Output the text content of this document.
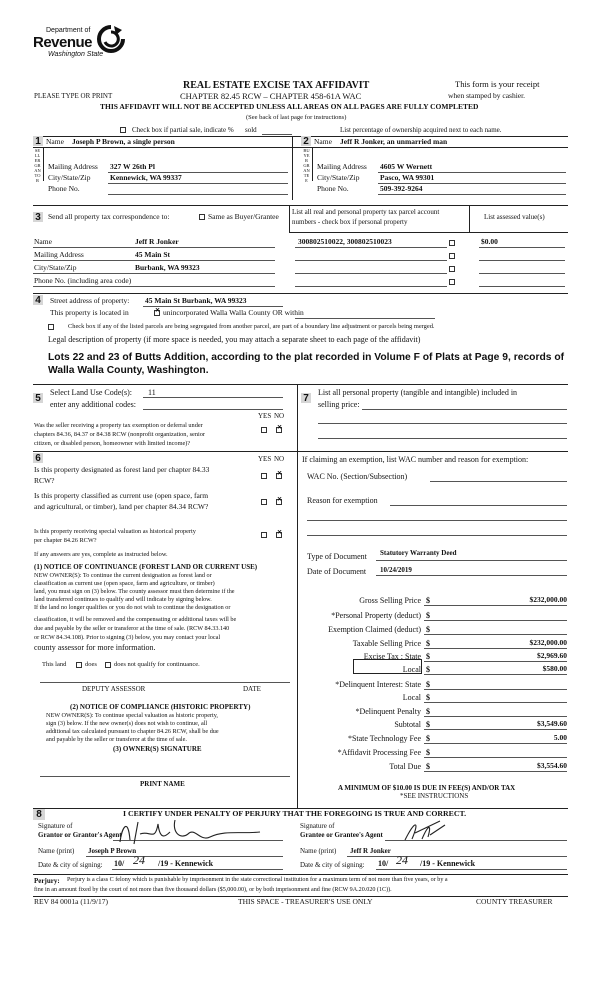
Department of
Revenue
Washington State
REAL ESTATE EXCISE TAX AFFIDAVIT
CHAPTER 82.45 RCW – CHAPTER 458-61A WAC
This form is your receipt
when stamped by cashier.
PLEASE TYPE OR PRINT
THIS AFFIDAVIT WILL NOT BE ACCEPTED UNLESS ALL AREAS ON ALL PAGES ARE FULLY COMPLETED
(See back of last page for instructions)
Check box if partial sale, indicate % sold	List percentage of ownership acquired next to each name.
1 Name Joseph P Brown, a single person
SELLER GRANTOR
Mailing Address 327 W 26th Pl
City/State/Zip	Kennewick, WA 99337
Phone No.
2 Name Jeff R Jonker, an unmarried man
BUYER GRANTEE
Mailing Address 4605 W Wernett
City/State/Zip	Pasco, WA 99301
Phone No.	509-392-9264
3 Send all property tax correspondence to:	Same as Buyer/Grantee List all real and personal property tax parcel account
numbers - check box if personal property
List assessed value(s)
Name	Jeff R Jonker
Mailing Address	45 Main St
City/State/Zip	Burbank, WA 99323
Phone No. (including area code)
300802510022, 300802510023	$0.00
4 Street address of property: 45 Main St Burbank, WA 99323
This property is located in
✕	unincorporated Walla Walla County OR within
Check box if any of the listed parcels are being segregated from another parcel, are part of a boundary line adjustment or parcels being merged.
Legal description of property (if more space is needed, you may attach a separate sheet to each page of the affidavit)
Lots 22 and 23 of Butts Addition, according to the plat recorded in Volume F of Plats at Page 9, records of
Walla Walla County, Washington.
5
Select Land Use Code(s): 11
enter any additional codes:
YES NO
Was the seller receiving a property tax exemption or deferral under
chapters 84.36, 84.37 or 84.38 RCW (nonprofit organization, senior
citizen, or disabled person, homeowner with limited income)?
✕
6	YES NO
Is this property designated as forest land per chapter 84.33
RCW?
✕
Is this property classified as current use (open space, farm
and agricultural, or timber), land per chapter 84.34 RCW?
✕
Is this property receiving special valuation as historical property
per chapter 84.26 RCW?
✕
If any answers are yes, complete as instructed below.
(1) NOTICE OF CONTINUANCE (FOREST LAND OR CURRENT USE)
NEW OWNER(S): To continue the current designation as forest land or
classification as current use (open space, farm and agriculture, or timber)
land, you must sign on (3) below. The county assessor must then determine if the
land transferred continues to qualify and will indicate by signing below.
If the land no longer qualifies or you do not wish to continue the designation or
classification, it will be removed and the compensating or additional taxes will be
due and payable by the seller or transferor at the time of sale. (RCW 84.33.140
or RCW 84.34.108). Prior to signing (3) below, you may contact your local
county assessor for more information.
This land	does	does not qualify for continuance.
DEPUTY ASSESSOR	DATE
(2) NOTICE OF COMPLIANCE (HISTORIC PROPERTY)
NEW OWNER(S): To continue special valuation as historic property,
sign (3) below. If the new owner(s) does not wish to continue, all
additional tax calculated pursuant to chapter 84.26 RCW, shall be due
and payable by the seller or transferor at the time of sale.
(3) OWNER(S) SIGNATURE
PRINT NAME
7
List all personal property (tangible and intangible) included in
selling price:
If claiming an exemption, list WAC number and reason for exemption:
WAC No. (Section/Subsection)
Reason for exemption
Type of Document Statutory Warranty Deed
Date of Document 10/24/2019
Gross Selling Price $	$232,000.00
*Personal Property (deduct) $
Exemption Claimed (deduct) $
Taxable Selling Price $	$232,000.00
Excise Tax : State $	$2,969.60
Local $	$580.00
*Delinquent Interest: State $
Local $
*Delinquent Penalty $
Subtotal $	$3,549.60
*State Technology Fee $	5.00
*Affidavit Processing Fee $
Total Due $	$3,554.60
A MINIMUM OF $10.00 IS DUE IN FEE(S) AND/OR TAX
*SEE INSTRUCTIONS
8	I CERTIFY UNDER PENALTY OF PERJURY THAT THE FOREGOING IS TRUE AND CORRECT.
Signature of
Grantor or Grantor's Agent
Name (print) Joseph P Brown
Date & city of signing: 10/ 24 /19 - Kennewick
Signature of
Grantee or Grantee's Agent
Name (print) Jeff R Jonker
Date & city of signing: 10/ 24 /19 - Kennewick
Perjury: Perjury is a class C felony which is punishable by imprisonment in the state correctional institution for a maximum term of not more than five years, or by a
fine in an amount fixed by the court of not more than five thousand dollars ($5,000.00), or by both imprisonment and fine (RCW 9A.20.020 (1C)).
REV 84 0001a (11/9/17)	THIS SPACE - TREASURER'S USE ONLY	COUNTY TREASURER
